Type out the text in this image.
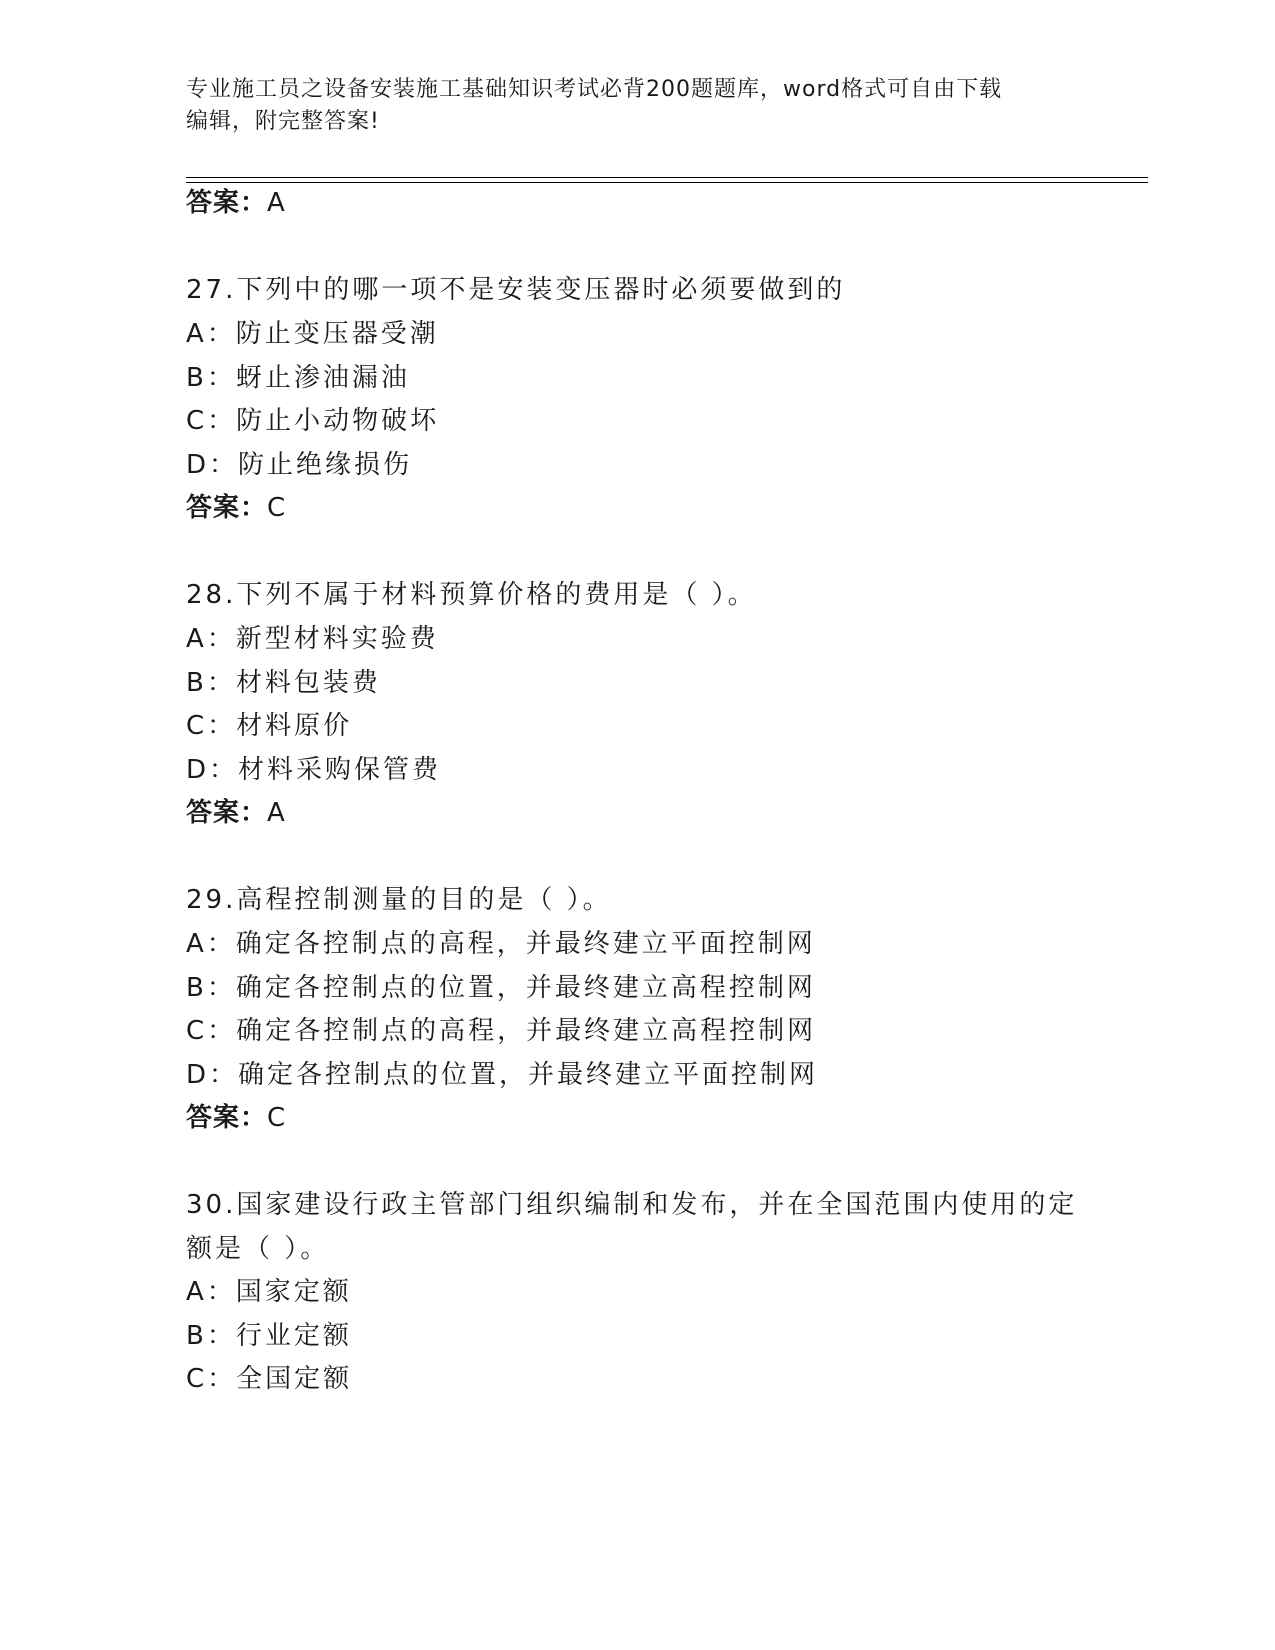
专业施工员之设备安装施工基础知识考试必背200题题库，word格式可自由下载
编辑，附完整答案!
答案：A
27.下列中的哪一项不是安装变压器时必须要做到的
A：防止变压器受潮
B：蚜止渗油漏油
C：防止小动物破坏
D：防止绝缘损伤
答案：C
28.下列不属于材料预算价格的费用是（ ）。
A：新型材料实验费
B：材料包装费
C：材料原价
D：材料采购保管费
答案：A
29.高程控制测量的目的是（ ）。
A：确定各控制点的高程，并最终建立平面控制网
B：确定各控制点的位置，并最终建立高程控制网
C：确定各控制点的高程，并最终建立高程控制网
D：确定各控制点的位置，并最终建立平面控制网
答案：C
30.国家建设行政主管部门组织编制和发布，并在全国范围内使用的定
额是（ ）。
A：国家定额
B：行业定额
C：全国定额
